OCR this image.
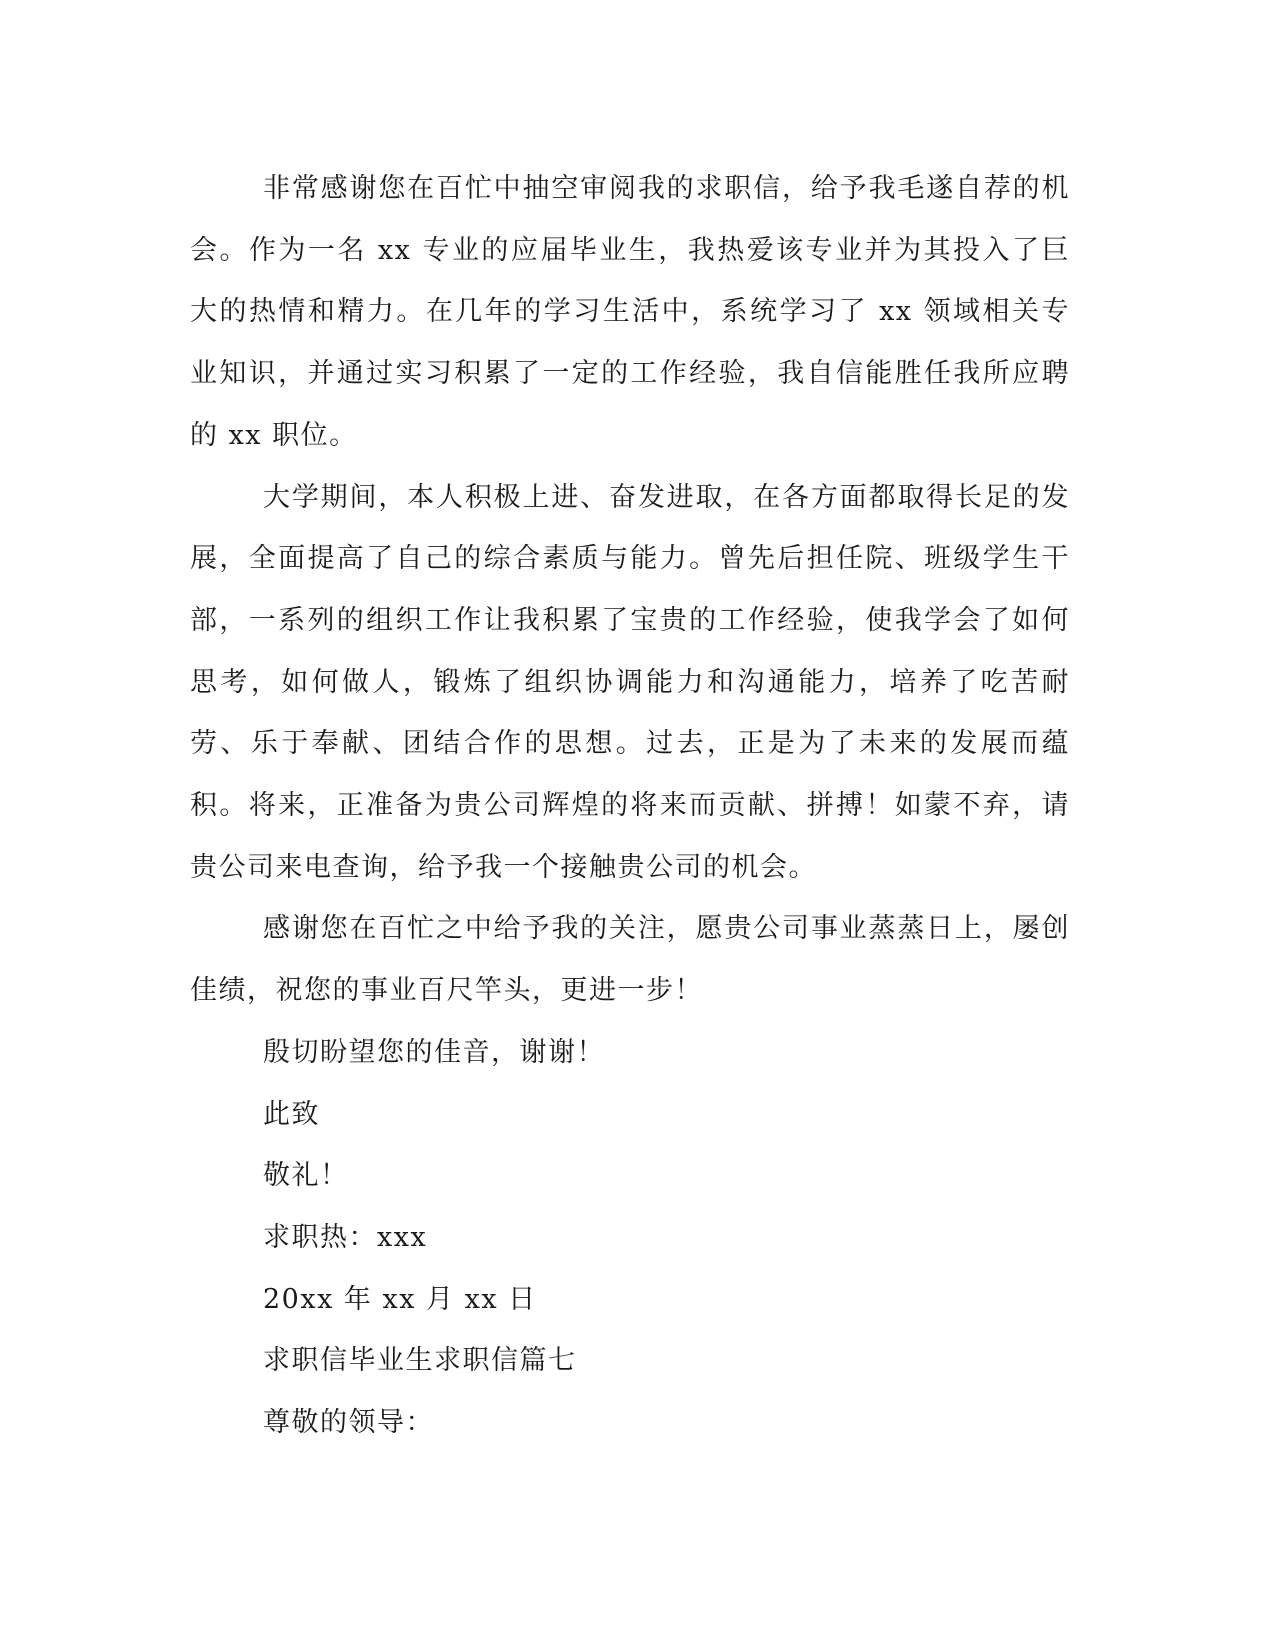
非常感谢您在百忙中抽空审阅我的求职信，给予我毛遂自荐的机会。作为一名 xx 专业的应届毕业生，我热爱该专业并为其投入了巨大的热情和精力。在几年的学习生活中，系统学习了 xx 领域相关专业知识，并通过实习积累了一定的工作经验，我自信能胜任我所应聘的 xx 职位。

大学期间，本人积极上进、奋发进取，在各方面都取得长足的发展，全面提高了自己的综合素质与能力。曾先后担任院、班级学生干部，一系列的组织工作让我积累了宝贵的工作经验，使我学会了如何思考，如何做人，锻炼了组织协调能力和沟通能力，培养了吃苦耐劳、乐于奉献、团结合作的思想。过去，正是为了未来的发展而蕴积。将来，正准备为贵公司辉煌的将来而贡献、拼搏！如蒙不弃，请贵公司来电查询，给予我一个接触贵公司的机会。

感谢您在百忙之中给予我的关注，愿贵公司事业蒸蒸日上，屡创佳绩，祝您的事业百尺竿头，更进一步！

殷切盼望您的佳音，谢谢！

此致

敬礼！

求职热：xxx

20xx 年 xx 月 xx 日

求职信毕业生求职信篇七

尊敬的领导：
